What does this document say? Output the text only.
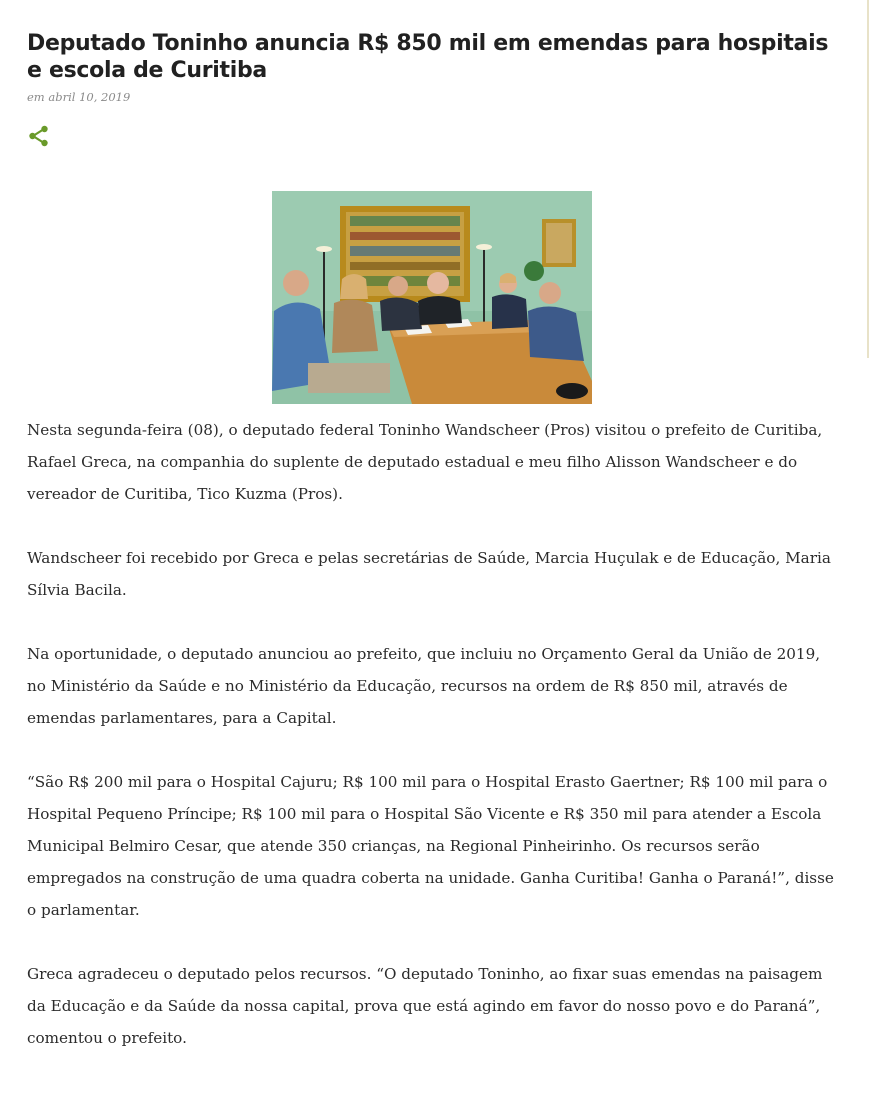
Deputado Toninho anuncia R$ 850 mil em emendas para hospitais e escola de Curitiba
em abril 10, 2019

Nesta segunda-feira (08), o deputado federal Toninho Wandscheer (Pros) visitou o prefeito de Curitiba, Rafael Greca, na companhia do suplente de deputado estadual e meu filho Alisson Wandscheer e do vereador de Curitiba, Tico Kuzma (Pros).

Wandscheer foi recebido por Greca e pelas secretárias de Saúde, Marcia Huçulak e de Educação, Maria Sílvia Bacila.

Na oportunidade, o deputado anunciou ao prefeito, que incluiu no Orçamento Geral da União de 2019, no Ministério da Saúde e no Ministério da Educação, recursos na ordem de R$ 850 mil, através de emendas parlamentares, para a Capital.

“São R$ 200 mil para o Hospital Cajuru; R$ 100 mil para o Hospital Erasto Gaertner; R$ 100 mil para o Hospital Pequeno Príncipe; R$ 100 mil para o Hospital São Vicente e R$ 350 mil para atender a Escola Municipal Belmiro Cesar, que atende 350 crianças, na Regional Pinheirinho. Os recursos serão empregados na construção de uma quadra coberta na unidade. Ganha Curitiba! Ganha o Paraná!”, disse o parlamentar.

Greca agradeceu o deputado pelos recursos. “O deputado Toninho, ao fixar suas emendas na paisagem da Educação e da Saúde da nossa capital, prova que está agindo em favor do nosso povo e do Paraná”, comentou o prefeito.
